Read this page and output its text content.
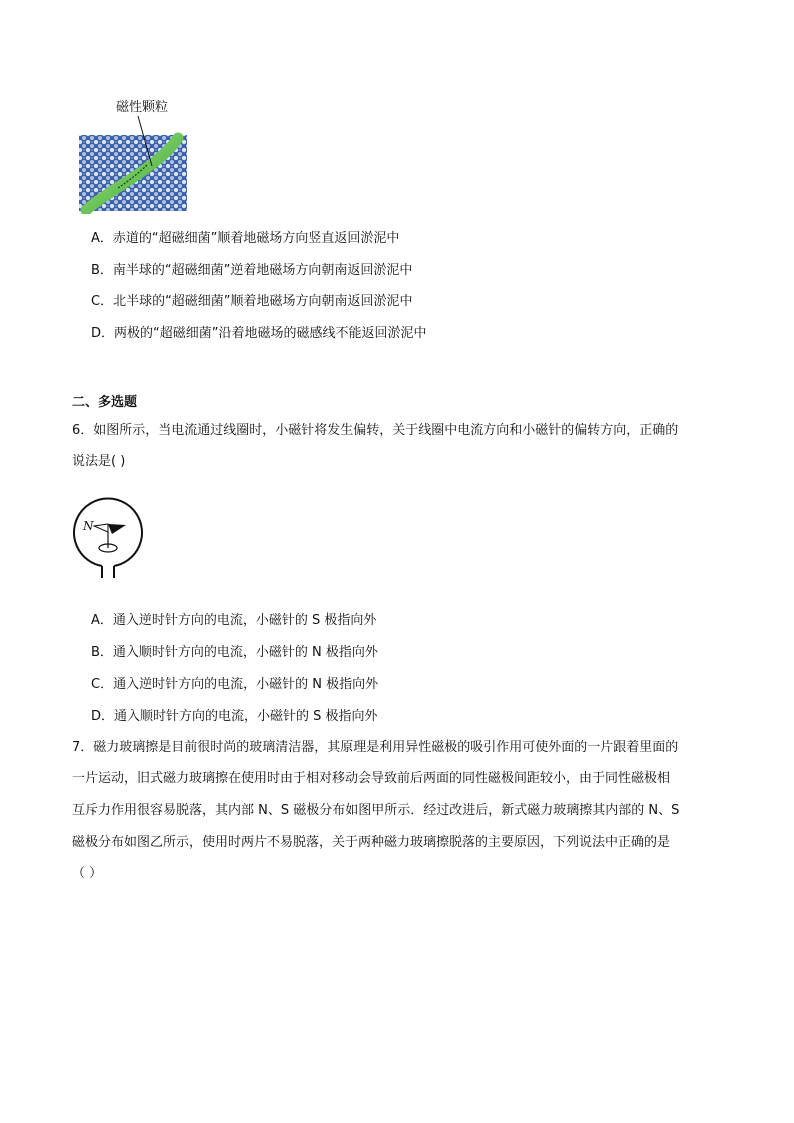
磁性颗粒
A．赤道的“超磁细菌”顺着地磁场方向竖直返回淤泥中
B．南半球的“超磁细菌”逆着地磁场方向朝南返回淤泥中
C．北半球的“超磁细菌”顺着地磁场方向朝南返回淤泥中
D．两极的“超磁细菌”沿着地磁场的磁感线不能返回淤泥中
二、多选题
6．如图所示，当电流通过线圈时，小磁针将发生偏转，关于线圈中电流方向和小磁针的偏转方向，正确的
说法是( )
N
A．通入逆时针方向的电流，小磁针的 S 极指向外
B．通入顺时针方向的电流，小磁针的 N 极指向外
C．通入逆时针方向的电流，小磁针的 N 极指向外
D．通入顺时针方向的电流，小磁针的 S 极指向外
7．磁力玻璃擦是目前很时尚的玻璃清洁器，其原理是利用异性磁极的吸引作用可使外面的一片跟着里面的
一片运动，旧式磁力玻璃擦在使用时由于相对移动会导致前后两面的同性磁极间距较小，由于同性磁极相
互斥力作用很容易脱落，其内部 N、S 磁极分布如图甲所示．经过改进后，新式磁力玻璃擦其内部的 N、S
磁极分布如图乙所示，使用时两片不易脱落，关于两种磁力玻璃擦脱落的主要原因，下列说法中正确的是
（ ）
